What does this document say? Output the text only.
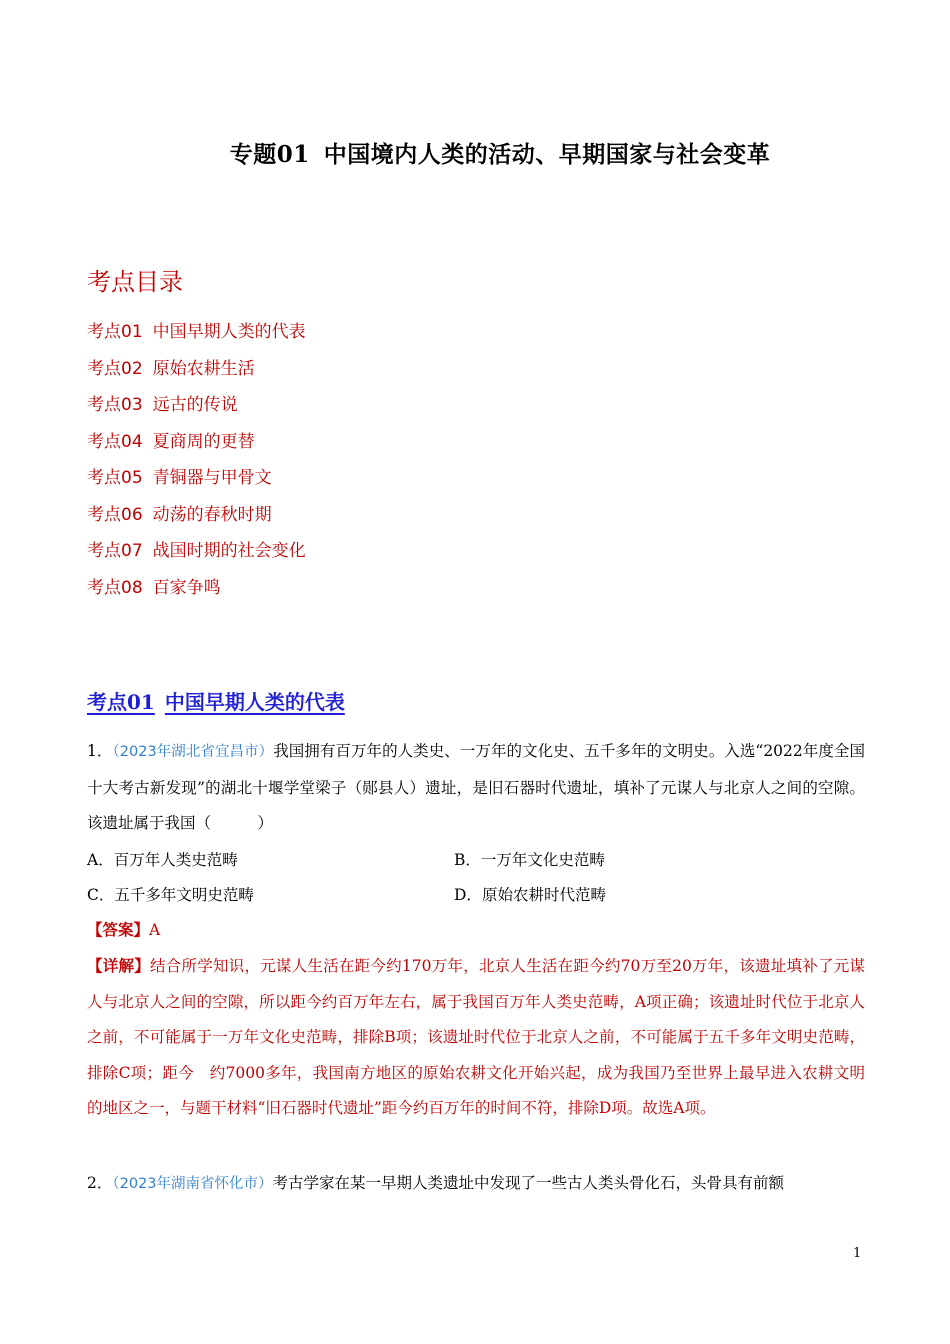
专题01 中国境内人类的活动、早期国家与社会变革
考点目录
考点01 中国早期人类的代表
考点02 原始农耕生活
考点03 远古的传说
考点04 夏商周的更替
考点05 青铜器与甲骨文
考点06 动荡的春秋时期
考点07 战国时期的社会变化
考点08 百家争鸣
考点01 中国早期人类的代表
1．（2023年湖北省宜昌市）我国拥有百万年的人类史、一万年的文化史、五千多年的文明史。入选“2022年度全国十大考古新发现”的湖北十堰学堂梁子（郧县人）遗址，是旧石器时代遗址，填补了元谋人与北京人之间的空隙。该遗址属于我国（　　　）
A．百万年人类史范畴	B．一万年文化史范畴
C．五千多年文明史范畴	D．原始农耕时代范畴
【答案】A
【详解】结合所学知识，元谋人生活在距今约170万年，北京人生活在距今约70万至20万年，该遗址填补了元谋人与北京人之间的空隙，所以距今约百万年左右，属于我国百万年人类史范畴，A项正确；该遗址时代位于北京人之前，不可能属于一万年文化史范畴，排除B项；该遗址时代位于北京人之前，不可能属于五千多年文明史范畴，排除C项；距今　约7000多年，我国南方地区的原始农耕文化开始兴起，成为我国乃至世界上最早进入农耕文明的地区之一，与题干材料“旧石器时代遗址”距今约百万年的时间不符，排除D项。故选A项。
2．（2023年湖南省怀化市）考古学家在某一早期人类遗址中发现了一些古人类头骨化石，头骨具有前额
1
